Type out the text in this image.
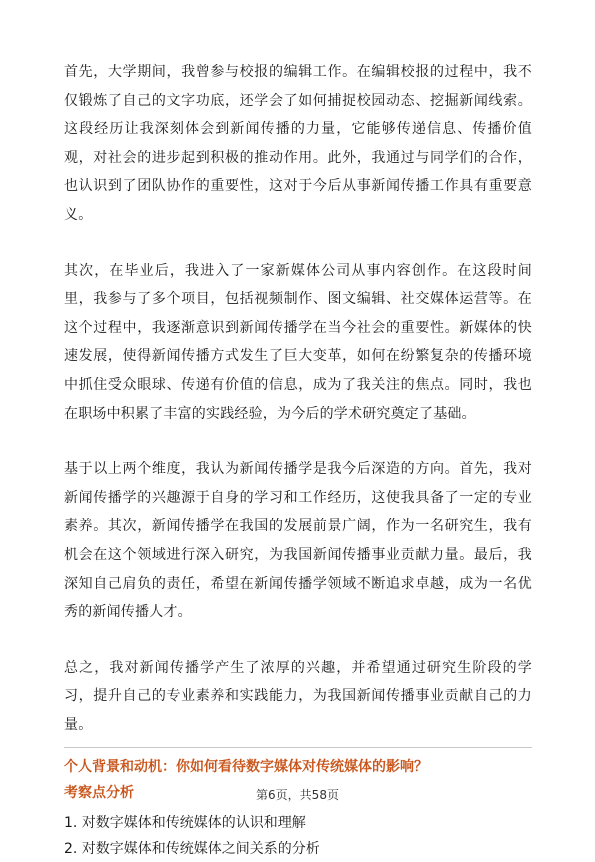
首先，大学期间，我曾参与校报的编辑工作。在编辑校报的过程中，我不仅锻炼了自己的文字功底，还学会了如何捕捉校园动态、挖掘新闻线索。这段经历让我深刻体会到新闻传播的力量，它能够传递信息、传播价值观，对社会的进步起到积极的推动作用。此外，我通过与同学们的合作，也认识到了团队协作的重要性，这对于今后从事新闻传播工作具有重要意义。

其次，在毕业后，我进入了一家新媒体公司从事内容创作。在这段时间里，我参与了多个项目，包括视频制作、图文编辑、社交媒体运营等。在这个过程中，我逐渐意识到新闻传播学在当今社会的重要性。新媒体的快速发展，使得新闻传播方式发生了巨大变革，如何在纷繁复杂的传播环境中抓住受众眼球、传递有价值的信息，成为了我关注的焦点。同时，我也在职场中积累了丰富的实践经验，为今后的学术研究奠定了基础。

基于以上两个维度，我认为新闻传播学是我今后深造的方向。首先，我对新闻传播学的兴趣源于自身的学习和工作经历，这使我具备了一定的专业素养。其次，新闻传播学在我国的发展前景广阔，作为一名研究生，我有机会在这个领域进行深入研究，为我国新闻传播事业贡献力量。最后，我深知自己肩负的责任，希望在新闻传播学领域不断追求卓越，成为一名优秀的新闻传播人才。

总之，我对新闻传播学产生了浓厚的兴趣，并希望通过研究生阶段的学习，提升自己的专业素养和实践能力，为我国新闻传播事业贡献自己的力量。

个人背景和动机：你如何看待数字媒体对传统媒体的影响？
考察点分析
1. 对数字媒体和传统媒体的认识和理解
2. 对数字媒体和传统媒体之间关系的分析
第6页，共58页
